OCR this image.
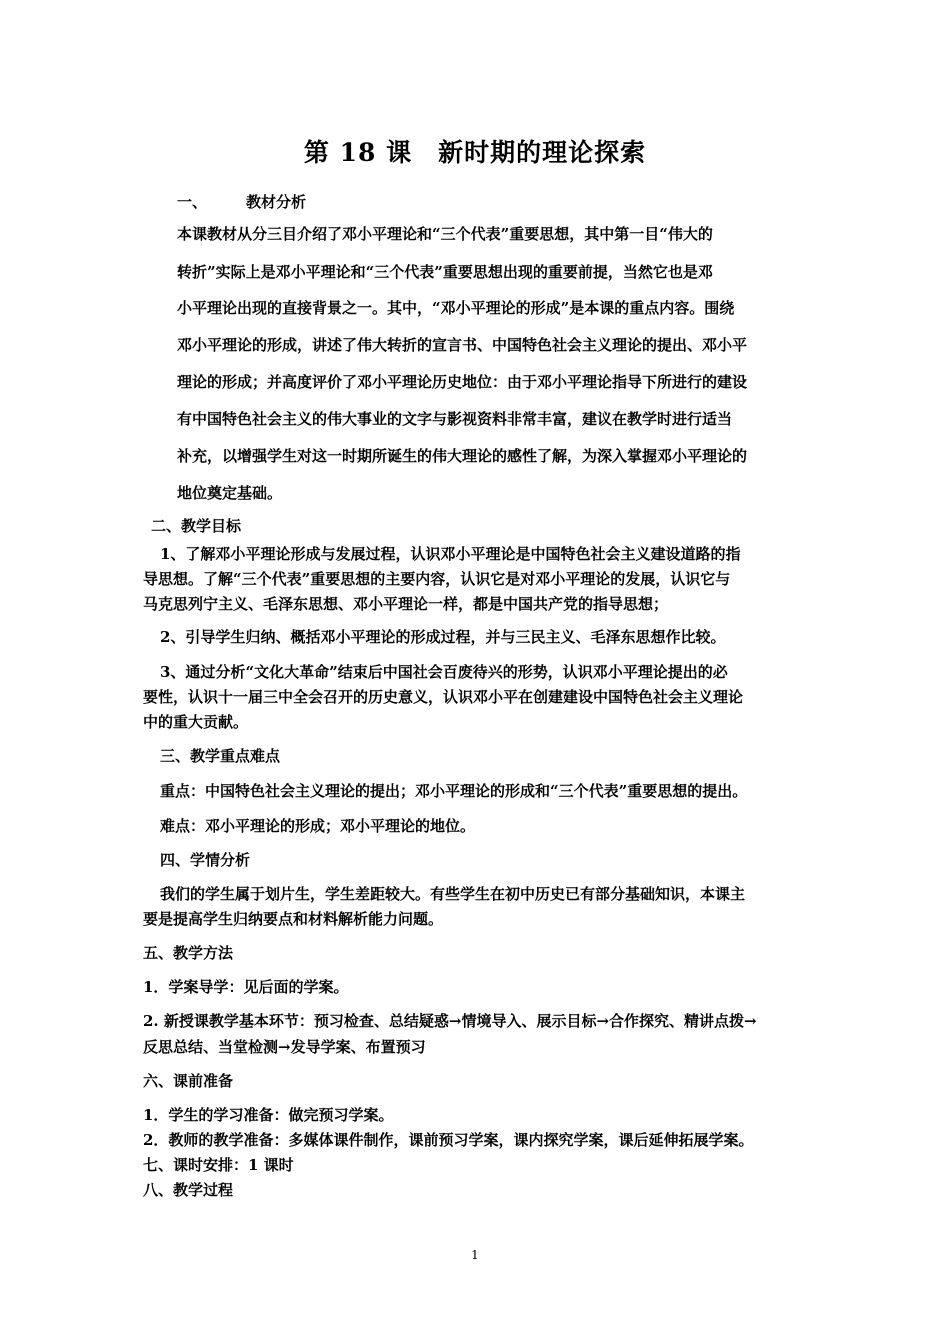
第 18 课　新时期的理论探索
一、	教材分析
本课教材从分三目介绍了邓小平理论和“三个代表”重要思想，其中第一目“伟大的
转折”实际上是邓小平理论和“三个代表”重要思想出现的重要前提，当然它也是邓
小平理论出现的直接背景之一。其中，“邓小平理论的形成”是本课的重点内容。围绕
邓小平理论的形成，讲述了伟大转折的宣言书、中国特色社会主义理论的提出、邓小平
理论的形成；并高度评价了邓小平理论历史地位：由于邓小平理论指导下所进行的建设
有中国特色社会主义的伟大事业的文字与影视资料非常丰富，建议在教学时进行适当
补充，以增强学生对这一时期所诞生的伟大理论的感性了解，为深入掌握邓小平理论的
地位奠定基础。
二、教学目标
1、了解邓小平理论形成与发展过程，认识邓小平理论是中国特色社会主义建设道路的指
导思想。了解“三个代表”重要思想的主要内容，认识它是对邓小平理论的发展，认识它与
马克思列宁主义、毛泽东思想、邓小平理论一样，都是中国共产党的指导思想；
2、引导学生归纳、概括邓小平理论的形成过程，并与三民主义、毛泽东思想作比较。
3、通过分析“文化大革命”结束后中国社会百废待兴的形势，认识邓小平理论提出的必
要性，认识十一届三中全会召开的历史意义，认识邓小平在创建建设中国特色社会主义理论
中的重大贡献。
三、教学重点难点
重点：中国特色社会主义理论的提出；邓小平理论的形成和“三个代表”重要思想的提出。
难点：邓小平理论的形成；邓小平理论的地位。
四、学情分析
我们的学生属于划片生，学生差距较大。有些学生在初中历史已有部分基础知识，本课主
要是提高学生归纳要点和材料解析能力问题。
五、教学方法
1．学案导学：见后面的学案。
2. 新授课教学基本环节：预习检查、总结疑惑→情境导入、展示目标→合作探究、精讲点拨→
反思总结、当堂检测→发导学案、布置预习
六、课前准备
1．学生的学习准备：做完预习学案。
2．教师的教学准备：多媒体课件制作，课前预习学案，课内探究学案，课后延伸拓展学案。
七、课时安排：1 课时
八、教学过程
1
